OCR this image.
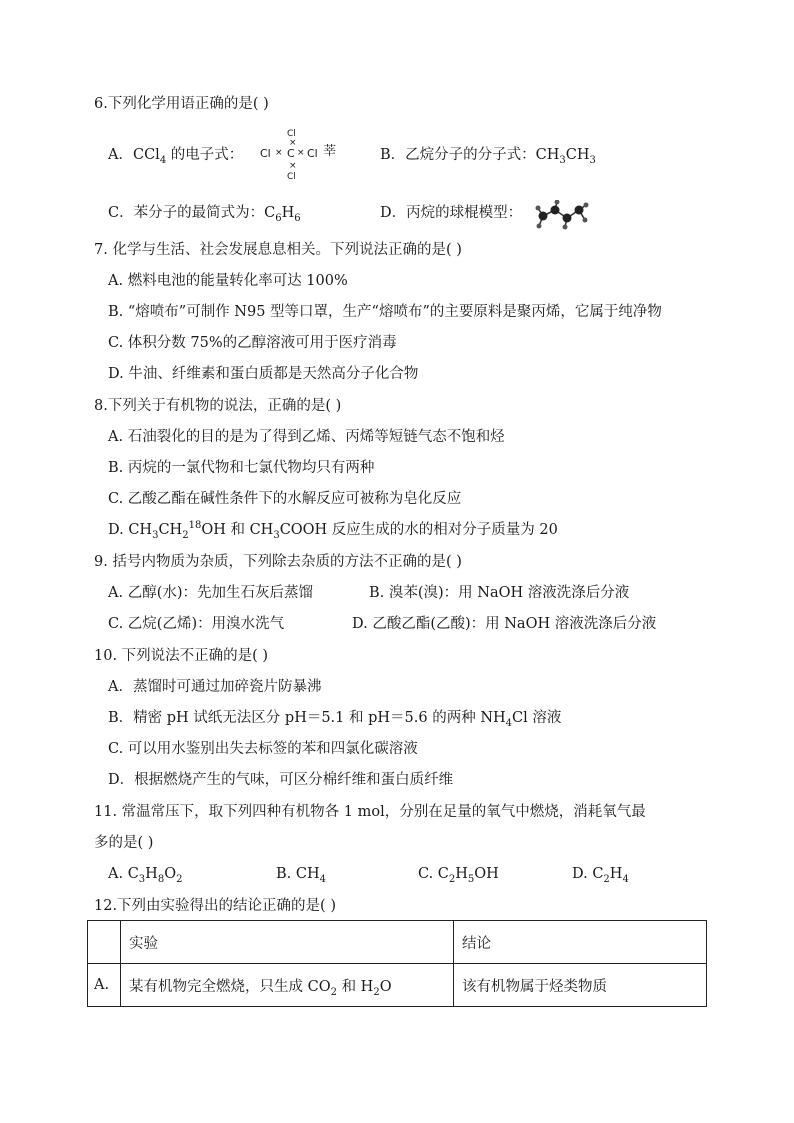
6.下列化学用语正确的是( )
A．CCl$_4$ 的电子式：
Cl
×
Cl × C × Cl 莘
×
Cl
B．乙烷分子的分子式：$CH_3CH_3$
C．苯分子的最简式为：$C_6H_6$	D．丙烷的球棍模型：
7. 化学与生活、社会发展息息相关。下列说法正确的是( )
A. 燃料电池的能量转化率可达 100%
B. “熔喷布”可制作 N95 型等口罩，生产“熔喷布”的主要原料是聚丙烯，它属于纯净物
C. 体积分数 75%的乙醇溶液可用于医疗消毒
D. 牛油、纤维素和蛋白质都是天然高分子化合物
8.下列关于有机物的说法，正确的是( )
A. 石油裂化的目的是为了得到乙烯、丙烯等短链气态不饱和烃
B. 丙烷的一氯代物和七氯代物均只有两种
C. 乙酸乙酯在碱性条件下的水解反应可被称为皂化反应
D. $CH_3CH_2^{18}OH$ 和 $CH_3COOH$ 反应生成的水的相对分子质量为 20
9. 括号内物质为杂质，下列除去杂质的方法不正确的是( )
A. 乙醇(水)：先加生石灰后蒸馏	B. 溴苯(溴)：用 NaOH 溶液洗涤后分液
C. 乙烷(乙烯)：用溴水洗气	D. 乙酸乙酯(乙酸)：用 NaOH 溶液洗涤后分液
10. 下列说法不正确的是( )
A．蒸馏时可通过加碎瓷片防暴沸
B．精密 pH 试纸无法区分 pH＝5.1 和 pH＝5.6 的两种 $NH_4Cl$ 溶液
C. 可以用水鉴别出失去标签的苯和四氯化碳溶液
D．根据燃烧产生的气味，可区分棉纤维和蛋白质纤维
11. 常温常压下，取下列四种有机物各 1 mol，分别在足量的氧气中燃烧，消耗氧气最
多的是( )
A. $C_3H_8O_2$	B. $CH_4$	C. $C_2H_5OH$	D. $C_2H_4$
12.下列由实验得出的结论正确的是( )
	实验	结论
A.	某有机物完全燃烧，只生成 $CO_2$ 和 $H_2O$	该有机物属于烃类物质
